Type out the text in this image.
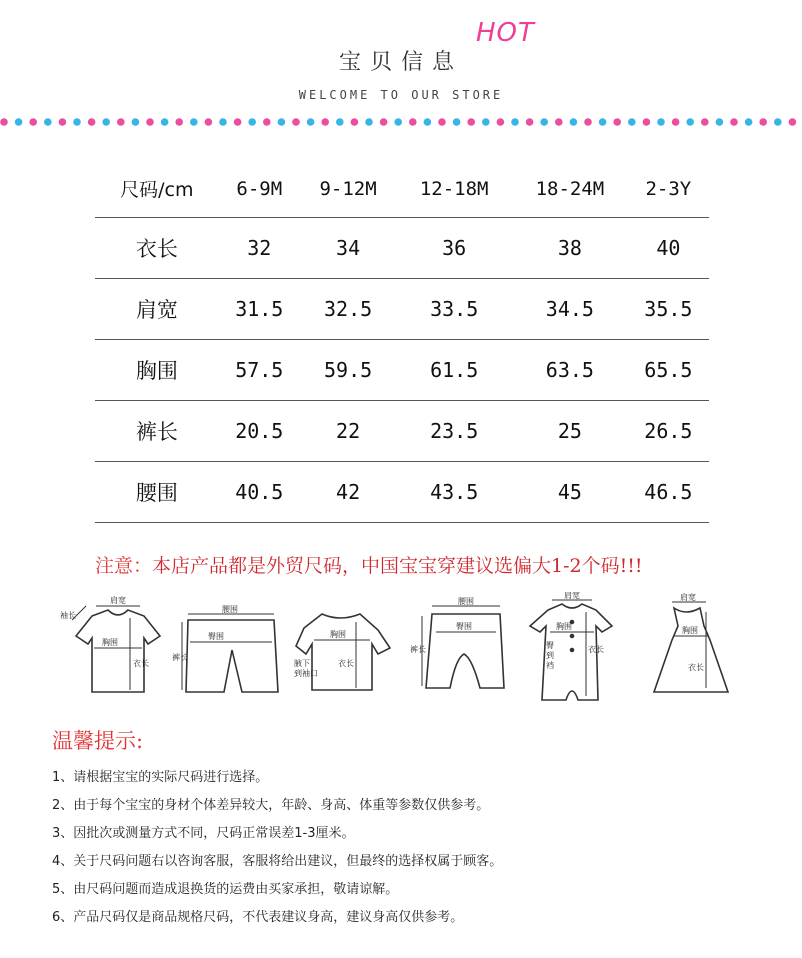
宝贝信息
HOT
WELCOME TO OUR STORE
尺码/cm	6-9M	9-12M	12-18M	18-24M	2-3Y
衣长	32	34	36	38	40
肩宽	31.5	32.5	33.5	34.5	35.5
胸围	57.5	59.5	61.5	63.5	65.5
裤长	20.5	22	23.5	25	26.5
腰围	40.5	42	43.5	45	46.5
注意：本店产品都是外贸尺码，中国宝宝穿建议选偏大1-2个码!!!
肩宽
袖长
胸围
衣长
腰围
臀围
裤长
胸围
衣长
腋下
到袖口
腰围
臀围
裤长
肩宽
胸围
衣长
臀
到
裆
肩宽
胸围
衣长
温馨提示:
1、请根据宝宝的实际尺码进行选择。
2、由于每个宝宝的身材个体差异较大，年龄、身高、体重等参数仅供参考。
3、因批次或测量方式不同，尺码正常误差1-3厘米。
4、关于尺码问题右以咨询客服，客服将给出建议，但最终的选择权属于顾客。
5、由尺码问题而造成退换货的运费由买家承担，敬请谅解。
6、产品尺码仅是商品规格尺码，不代表建议身高，建议身高仅供参考。
